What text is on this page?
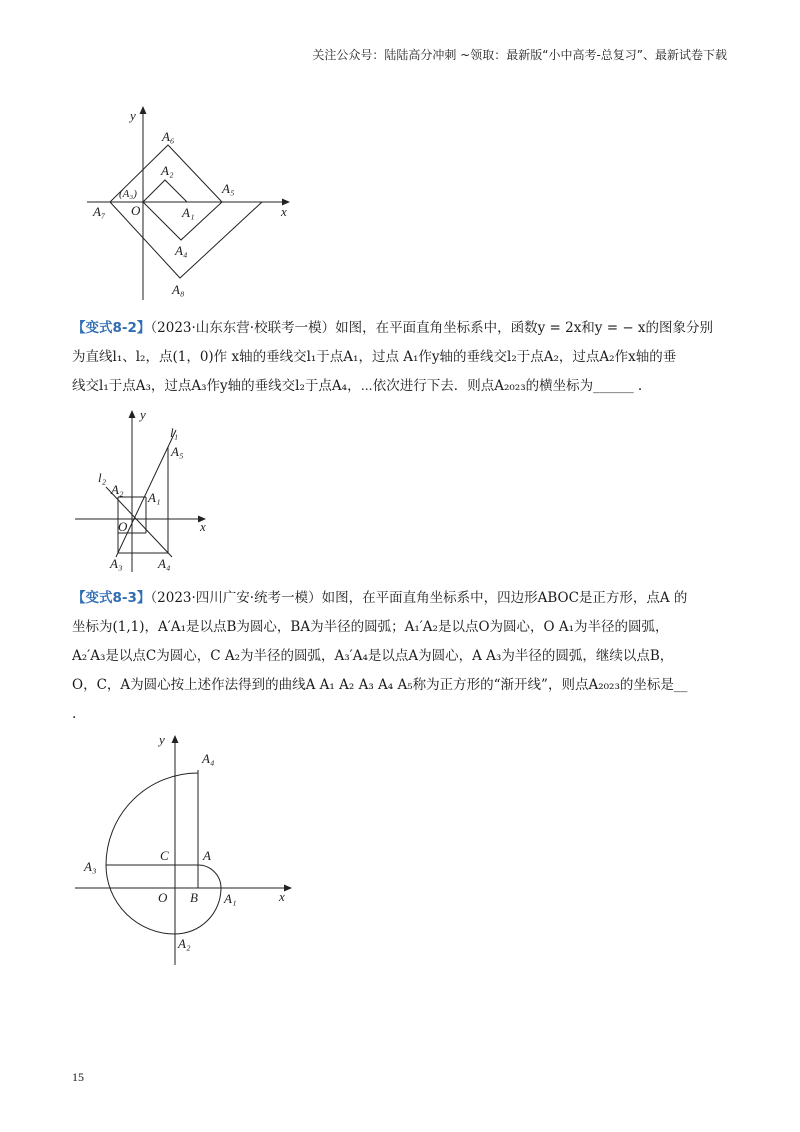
关注公众号：陆陆高分冲刺 ~领取：最新版“小中高考-总复习”、最新试卷下载
y
A₆
A₂
(A₃)	A₅
A₇ O	A₁	x
A₄
A₈
【变式8-2】（2023·山东东营·校联考一模）如图，在平面直角坐标系中，函数y = 2x和y = − x的图象分别
为直线l₁、l₂，点(1，0)作 x轴的垂线交l₁于点A₁，过点 A₁作y轴的垂线交l₂于点A₂，过点A₂作x轴的垂
线交l₁于点A₃，过点A₃作y轴的垂线交l₂于点A₄，⋯依次进行下去．则点A₂₀₂₃的横坐标为______ .
y
l₁
A₅
l₂
A₂
A₁
O	x
A₃	A₄
【变式8-3】（2023·四川广安·统考一模）如图，在平面直角坐标系中，四边形ABOC是正方形，点A 的
坐标为(1,1)，A′A₁是以点B为圆心，BA为半径的圆弧；A₁′A₂是以点O为圆心，O A₁为半径的圆弧，
A₂′A₃是以点C为圆心，C A₂为半径的圆弧，A₃′A₄是以点A为圆心，A A₃为半径的圆弧，继续以点B，
O，C，A为圆心按上述作法得到的曲线A A₁ A₂ A₃ A₄ A₅称为正方形的“渐开线”，则点A₂₀₂₃的坐标是__
.
y
A₄
C	A
A₃
O B A₁	x
A₂
15
